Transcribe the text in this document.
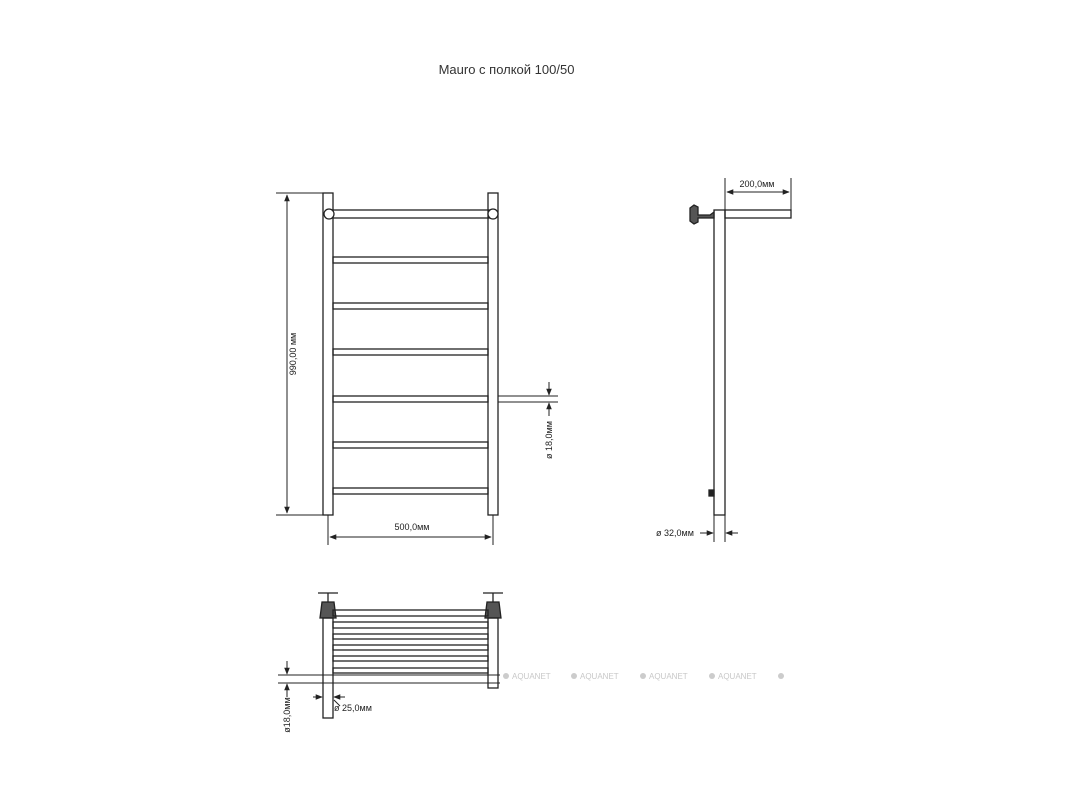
Mauro с полкой 100/50
990,00 мм
500,0мм
ø 18,0мм
200,0мм
ø 32,0мм
ø18,0мм	ø 25,0мм
AQUANET	AQUANET	AQUANET	AQUANET
